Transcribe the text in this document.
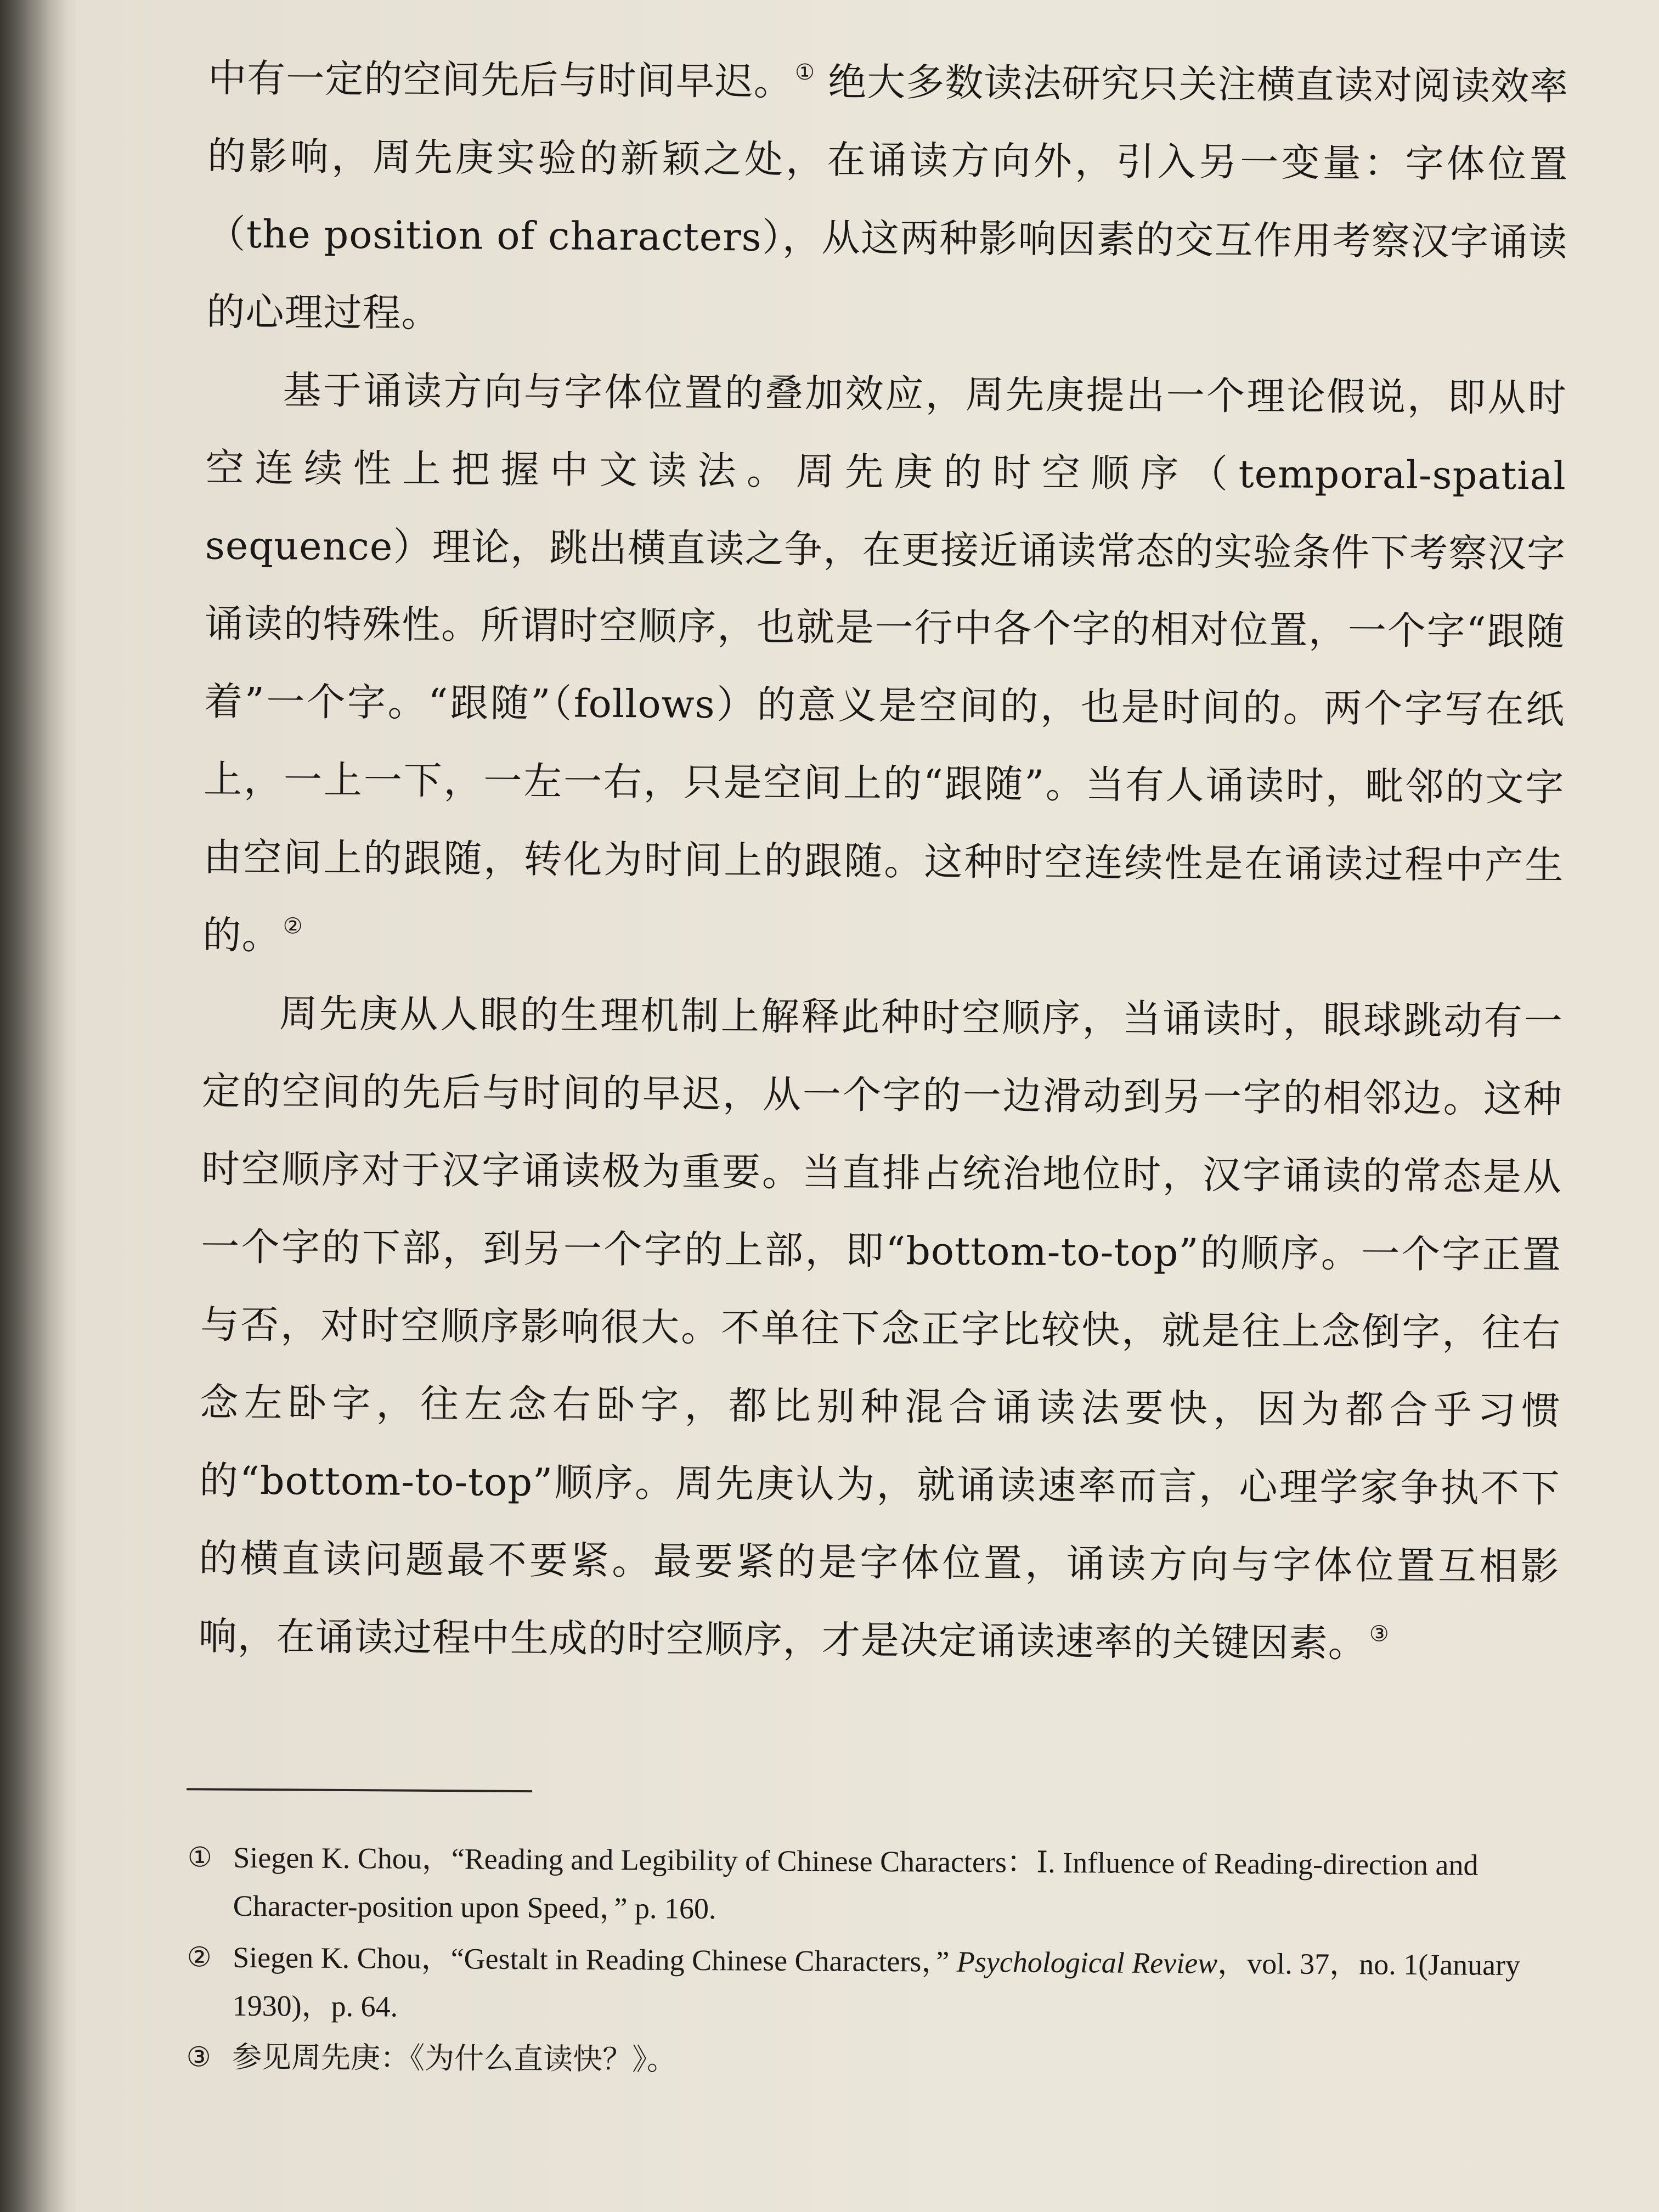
中有一定的空间先后与时间早迟。① 绝大多数读法研究只关注横直读对阅读效率的影响，周先庚实验的新颖之处，在诵读方向外，引入另一变量：字体位置（the position of characters），从这两种影响因素的交互作用考察汉字诵读的心理过程。

基于诵读方向与字体位置的叠加效应，周先庚提出一个理论假说，即从时空连续性上把握中文读法。周先庚的时空顺序（temporal-spatial sequence）理论，跳出横直读之争，在更接近诵读常态的实验条件下考察汉字诵读的特殊性。所谓时空顺序，也就是一行中各个字的相对位置，一个字“跟随着”一个字。“跟随”（follows）的意义是空间的，也是时间的。两个字写在纸上，一上一下，一左一右，只是空间上的“跟随”。当有人诵读时，毗邻的文字由空间上的跟随，转化为时间上的跟随。这种时空连续性是在诵读过程中产生的。②

周先庚从人眼的生理机制上解释此种时空顺序，当诵读时，眼球跳动有一定的空间的先后与时间的早迟，从一个字的一边滑动到另一字的相邻边。这种时空顺序对于汉字诵读极为重要。当直排占统治地位时，汉字诵读的常态是从一个字的下部，到另一个字的上部，即“bottom-to-top”的顺序。一个字正置与否，对时空顺序影响很大。不单往下念正字比较快，就是往上念倒字，往右念左卧字，往左念右卧字，都比别种混合诵读法要快，因为都合乎习惯的“bottom-to-top”顺序。周先庚认为，就诵读速率而言，心理学家争执不下的横直读问题最不要紧。最要紧的是字体位置，诵读方向与字体位置互相影响，在诵读过程中生成的时空顺序，才是决定诵读速率的关键因素。③

① Siegen K. Chou，“Reading and Legibility of Chinese Characters：Ⅰ. Influence of Reading-direction and Character-position upon Speed，” p. 160.
② Siegen K. Chou，“Gestalt in Reading Chinese Characters，” Psychological Review，vol. 37，no. 1(January 1930)，p. 64.
③ 参见周先庚：《为什么直读快？》。
